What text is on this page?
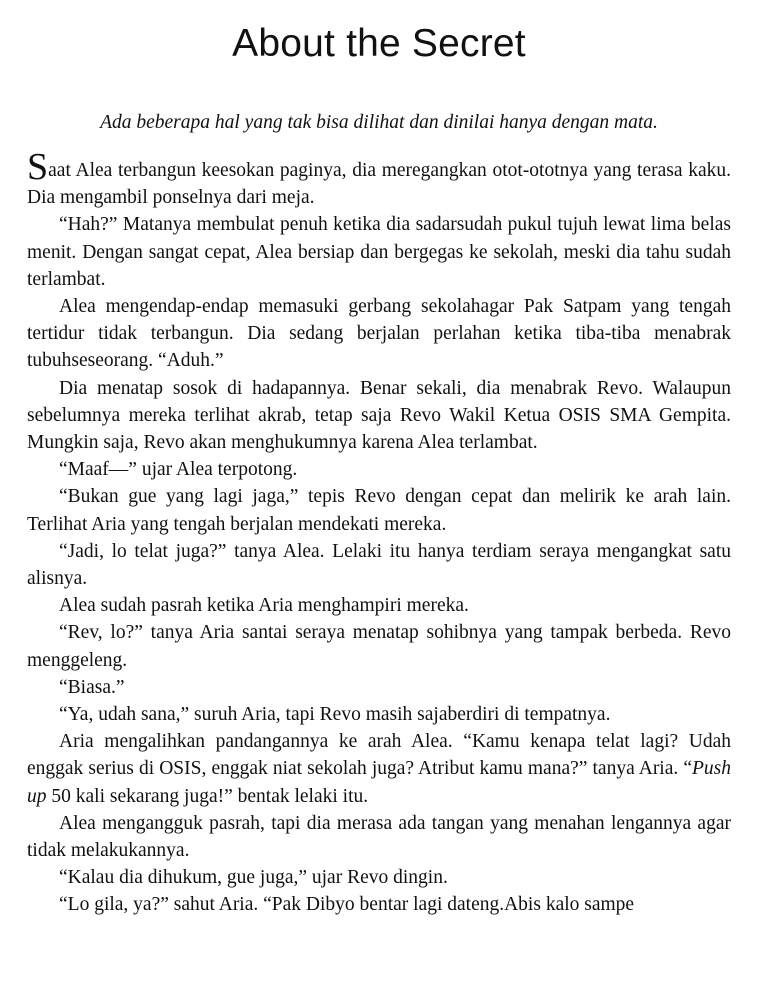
About the Secret

Ada beberapa hal yang tak bisa dilihat dan dinilai hanya dengan mata.

Saat Alea terbangun keesokan paginya, dia meregangkan otot-ototnya yang terasa kaku. Dia mengambil ponselnya dari meja.

“Hah?” Matanya membulat penuh ketika dia sadarsudah pukul tujuh lewat lima belas menit. Dengan sangat cepat, Alea bersiap dan bergegas ke sekolah, meski dia tahu sudah terlambat.

Alea mengendap-endap memasuki gerbang sekolahagar Pak Satpam yang tengah tertidur tidak terbangun. Dia sedang berjalan perlahan ketika tiba-tiba menabrak tubuhseseorang. “Aduh.”

Dia menatap sosok di hadapannya. Benar sekali, dia menabrak Revo. Walaupun sebelumnya mereka terlihat akrab, tetap saja Revo Wakil Ketua OSIS SMA Gempita. Mungkin saja, Revo akan menghukumnya karena Alea terlambat.

“Maaf—” ujar Alea terpotong.

“Bukan gue yang lagi jaga,” tepis Revo dengan cepat dan melirik ke arah lain. Terlihat Aria yang tengah berjalan mendekati mereka.

“Jadi, lo telat juga?” tanya Alea. Lelaki itu hanya terdiam seraya mengangkat satu alisnya.

Alea sudah pasrah ketika Aria menghampiri mereka.

“Rev, lo?” tanya Aria santai seraya menatap sohibnya yang tampak berbeda. Revo menggeleng.

“Biasa.”

“Ya, udah sana,” suruh Aria, tapi Revo masih sajaberdiri di tempatnya.

Aria mengalihkan pandangannya ke arah Alea. “Kamu kenapa telat lagi? Udah enggak serius di OSIS, enggak niat sekolah juga? Atribut kamu mana?” tanya Aria. “Push up 50 kali sekarang juga!” bentak lelaki itu.

Alea mengangguk pasrah, tapi dia merasa ada tangan yang menahan lengannya agar tidak melakukannya.

“Kalau dia dihukum, gue juga,” ujar Revo dingin.

“Lo gila, ya?” sahut Aria. “Pak Dibyo bentar lagi dateng.Abis kalo sampe
